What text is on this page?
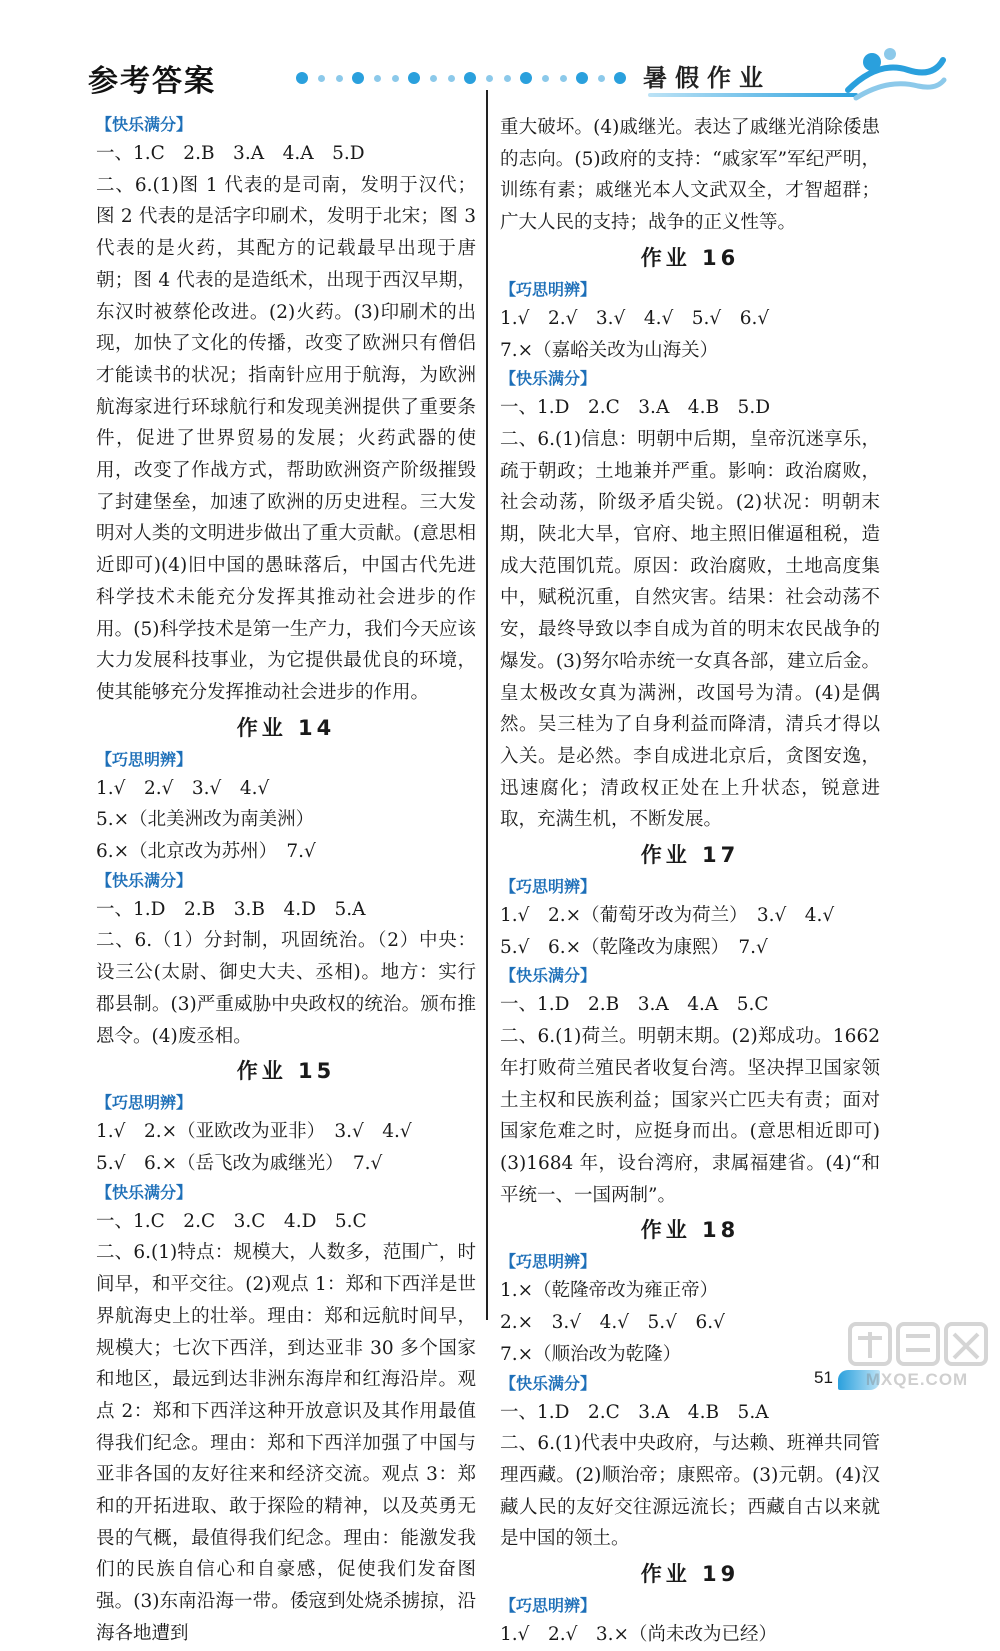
参考答案	暑假作业
【快乐满分】
一、1.C　2.B　3.A　4.A　5.D
二、6.(1)图 1 代表的是司南，发明于汉代；图 2 代表的是活字印刷术，发明于北宋；图 3 代表的是火药，其配方的记载最早出现于唐朝；图 4 代表的是造纸术，出现于西汉早期，东汉时被蔡伦改进。(2)火药。(3)印刷术的出现，加快了文化的传播，改变了欧洲只有僧侣才能读书的状况；指南针应用于航海，为欧洲航海家进行环球航行和发现美洲提供了重要条件，促进了世界贸易的发展；火药武器的使用，改变了作战方式，帮助欧洲资产阶级摧毁了封建堡垒，加速了欧洲的历史进程。三大发明对人类的文明进步做出了重大贡献。(意思相近即可)(4)旧中国的愚昧落后，中国古代先进科学技术未能充分发挥其推动社会进步的作用。(5)科学技术是第一生产力，我们今天应该大力发展科技事业，为它提供最优良的环境，使其能够充分发挥推动社会进步的作用。
作业 14
【巧思明辨】
1.√　2.√　3.√　4.√
5.×（北美洲改为南美洲）
6.×（北京改为苏州）　7.√
【快乐满分】
一、1.D　2.B　3.B　4.D　5.A
二、6.（1）分封制，巩固统治。（2）中央：设三公(太尉、御史大夫、丞相)。地方：实行郡县制。(3)严重威胁中央政权的统治。颁布推恩令。(4)废丞相。
作业 15
【巧思明辨】
1.√　2.×（亚欧改为亚非）　3.√　4.√
5.√　6.×（岳飞改为戚继光）　7.√
【快乐满分】
一、1.C　2.C　3.C　4.D　5.C
二、6.(1)特点：规模大，人数多，范围广，时间早，和平交往。(2)观点 1：郑和下西洋是世界航海史上的壮举。理由：郑和远航时间早，规模大；七次下西洋，到达亚非 30 多个国家和地区，最远到达非洲东海岸和红海沿岸。观点 2：郑和下西洋这种开放意识及其作用最值得我们纪念。理由：郑和下西洋加强了中国与亚非各国的友好往来和经济交流。观点 3：郑和的开拓进取、敢于探险的精神，以及英勇无畏的气概，最值得我们纪念。理由：能激发我们的民族自信心和自豪感，促使我们发奋图强。(3)东南沿海一带。倭寇到处烧杀掳掠，沿海各地遭到
重大破坏。(4)戚继光。表达了戚继光消除倭患的志向。(5)政府的支持：“戚家军”军纪严明，训练有素；戚继光本人文武双全，才智超群；广大人民的支持；战争的正义性等。
作业 16
【巧思明辨】
1.√　2.√　3.√　4.√　5.√　6.√
7.×（嘉峪关改为山海关）
【快乐满分】
一、1.D　2.C　3.A　4.B　5.D
二、6.(1)信息：明朝中后期，皇帝沉迷享乐，疏于朝政；土地兼并严重。影响：政治腐败，社会动荡，阶级矛盾尖锐。(2)状况：明朝末期，陕北大旱，官府、地主照旧催逼租税，造成大范围饥荒。原因：政治腐败，土地高度集中，赋税沉重，自然灾害。结果：社会动荡不安，最终导致以李自成为首的明末农民战争的爆发。(3)努尔哈赤统一女真各部，建立后金。皇太极改女真为满洲，改国号为清。(4)是偶然。吴三桂为了自身利益而降清，清兵才得以入关。是必然。李自成进北京后，贪图安逸，迅速腐化；清政权正处在上升状态，锐意进取，充满生机，不断发展。
作业 17
【巧思明辨】
1.√　2.×（葡萄牙改为荷兰）　3.√　4.√
5.√　6.×（乾隆改为康熙）　7.√
【快乐满分】
一、1.D　2.B　3.A　4.A　5.C
二、6.(1)荷兰。明朝末期。(2)郑成功。1662 年打败荷兰殖民者收复台湾。坚决捍卫国家领土主权和民族利益；国家兴亡匹夫有责；面对国家危难之时，应挺身而出。(意思相近即可)(3)1684 年，设台湾府，隶属福建省。(4)“和平统一、一国两制”。
作业 18
【巧思明辨】
1.×（乾隆帝改为雍正帝）
2.×　3.√　4.√　5.√　6.√
7.×（顺治改为乾隆）
【快乐满分】
一、1.D　2.C　3.A　4.B　5.A
二、6.(1)代表中央政府，与达赖、班禅共同管理西藏。(2)顺治帝；康熙帝。(3)元朝。(4)汉藏人民的友好交往源远流长；西藏自古以来就是中国的领土。
作业 19
【巧思明辨】
1.√　2.√　3.×（尚未改为已经）
51	MXQE.COM
